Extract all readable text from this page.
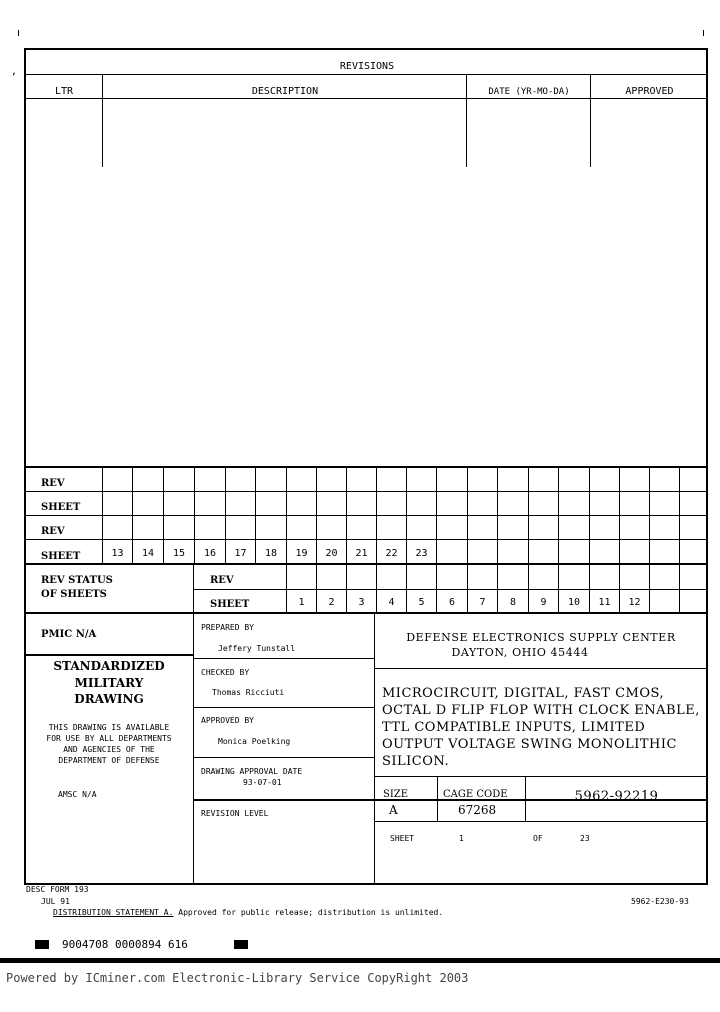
,	REVISIONS
LTR	DESCRIPTION	DATE (YR-MO-DA)	APPROVED
REV
SHEET
REV
SHEET	13	14	15	16	17	18	19	20	21	22	23
REV STATUS
OF SHEETS
REV
SHEET	1	2	3	4	5	6	7	8	9	10	11	12
PMIC N/A
STANDARDIZED
MILITARY
DRAWING
THIS DRAWING IS AVAILABLE
FOR USE BY ALL DEPARTMENTS
AND AGENCIES OF THE
DEPARTMENT OF DEFENSE
AMSC N/A
PREPARED BY
Jeffery Tunstall
CHECKED BY
Thomas Ricciuti
APPROVED BY
Monica Poelking
DRAWING APPROVAL DATE
93-07-01
REVISION LEVEL
DEFENSE ELECTRONICS SUPPLY CENTER
DAYTON, OHIO 45444
MICROCIRCUIT, DIGITAL, FAST CMOS,
OCTAL D FLIP FLOP WITH CLOCK ENABLE,
TTL COMPATIBLE INPUTS, LIMITED
OUTPUT VOLTAGE SWING MONOLITHIC
SILICON.
SIZE
A
CAGE CODE
67268
5962-92219
SHEET	1	OF	23
DESC FORM 193
JUL 91
DISTRIBUTION STATEMENT A. Approved for public release; distribution is unlimited.
5962-E230-93
9004708 0000894 616
Powered by ICminer.com Electronic-Library Service CopyRight 2003
